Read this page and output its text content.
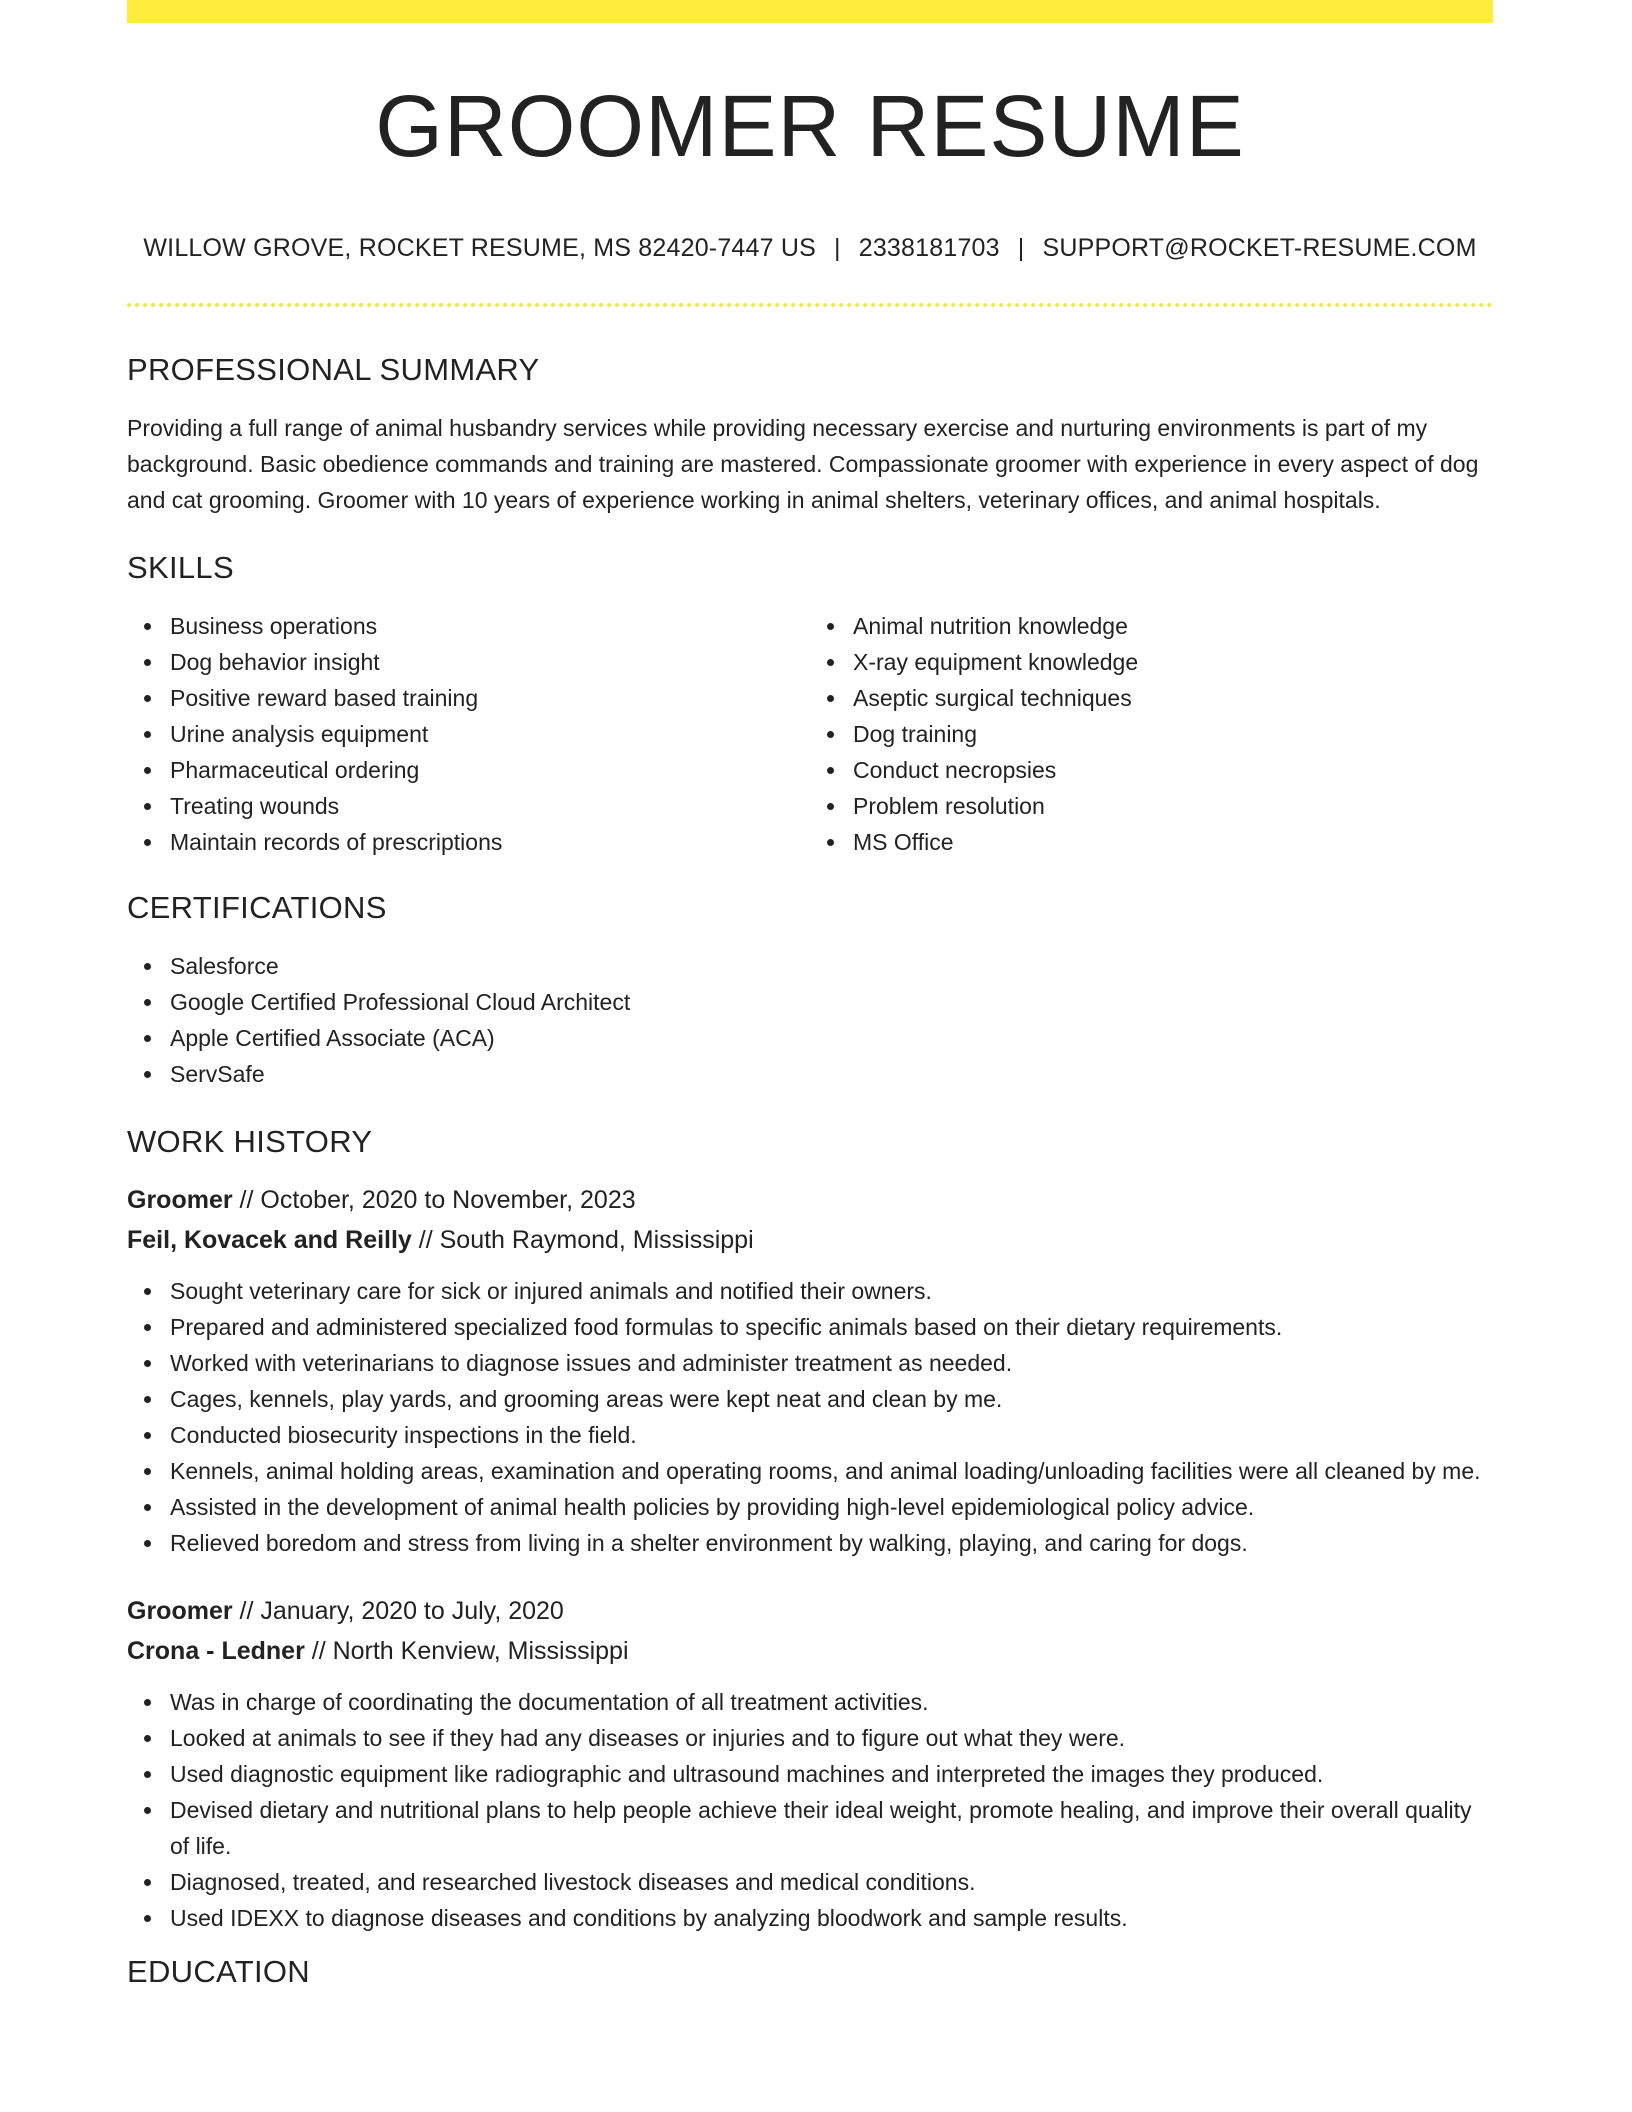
GROOMER RESUME
WILLOW GROVE, ROCKET RESUME, MS 82420-7447 US | 2338181703 | SUPPORT@ROCKET-RESUME.COM
PROFESSIONAL SUMMARY

Providing a full range of animal husbandry services while providing necessary exercise and nurturing environments is part of my background. Basic obedience commands and training are mastered. Compassionate groomer with experience in every aspect of dog and cat grooming. Groomer with 10 years of experience working in animal shelters, veterinary offices, and animal hospitals.

SKILLS
Business operations
Dog behavior insight
Positive reward based training
Urine analysis equipment
Pharmaceutical ordering
Treating wounds
Maintain records of prescriptions
Animal nutrition knowledge
X-ray equipment knowledge
Aseptic surgical techniques
Dog training
Conduct necropsies
Problem resolution
MS Office
CERTIFICATIONS
Salesforce
Google Certified Professional Cloud Architect
Apple Certified Associate (ACA)
ServSafe
WORK HISTORY
Groomer // October, 2020 to November, 2023
Feil, Kovacek and Reilly // South Raymond, Mississippi
Sought veterinary care for sick or injured animals and notified their owners.
Prepared and administered specialized food formulas to specific animals based on their dietary requirements.
Worked with veterinarians to diagnose issues and administer treatment as needed.
Cages, kennels, play yards, and grooming areas were kept neat and clean by me.
Conducted biosecurity inspections in the field.
Kennels, animal holding areas, examination and operating rooms, and animal loading/unloading facilities were all cleaned by me.
Assisted in the development of animal health policies by providing high-level epidemiological policy advice.
Relieved boredom and stress from living in a shelter environment by walking, playing, and caring for dogs.
Groomer // January, 2020 to July, 2020
Crona - Ledner // North Kenview, Mississippi
Was in charge of coordinating the documentation of all treatment activities.
Looked at animals to see if they had any diseases or injuries and to figure out what they were.
Used diagnostic equipment like radiographic and ultrasound machines and interpreted the images they produced.
Devised dietary and nutritional plans to help people achieve their ideal weight, promote healing, and improve their overall quality of life.
Diagnosed, treated, and researched livestock diseases and medical conditions.
Used IDEXX to diagnose diseases and conditions by analyzing bloodwork and sample results.
EDUCATION
